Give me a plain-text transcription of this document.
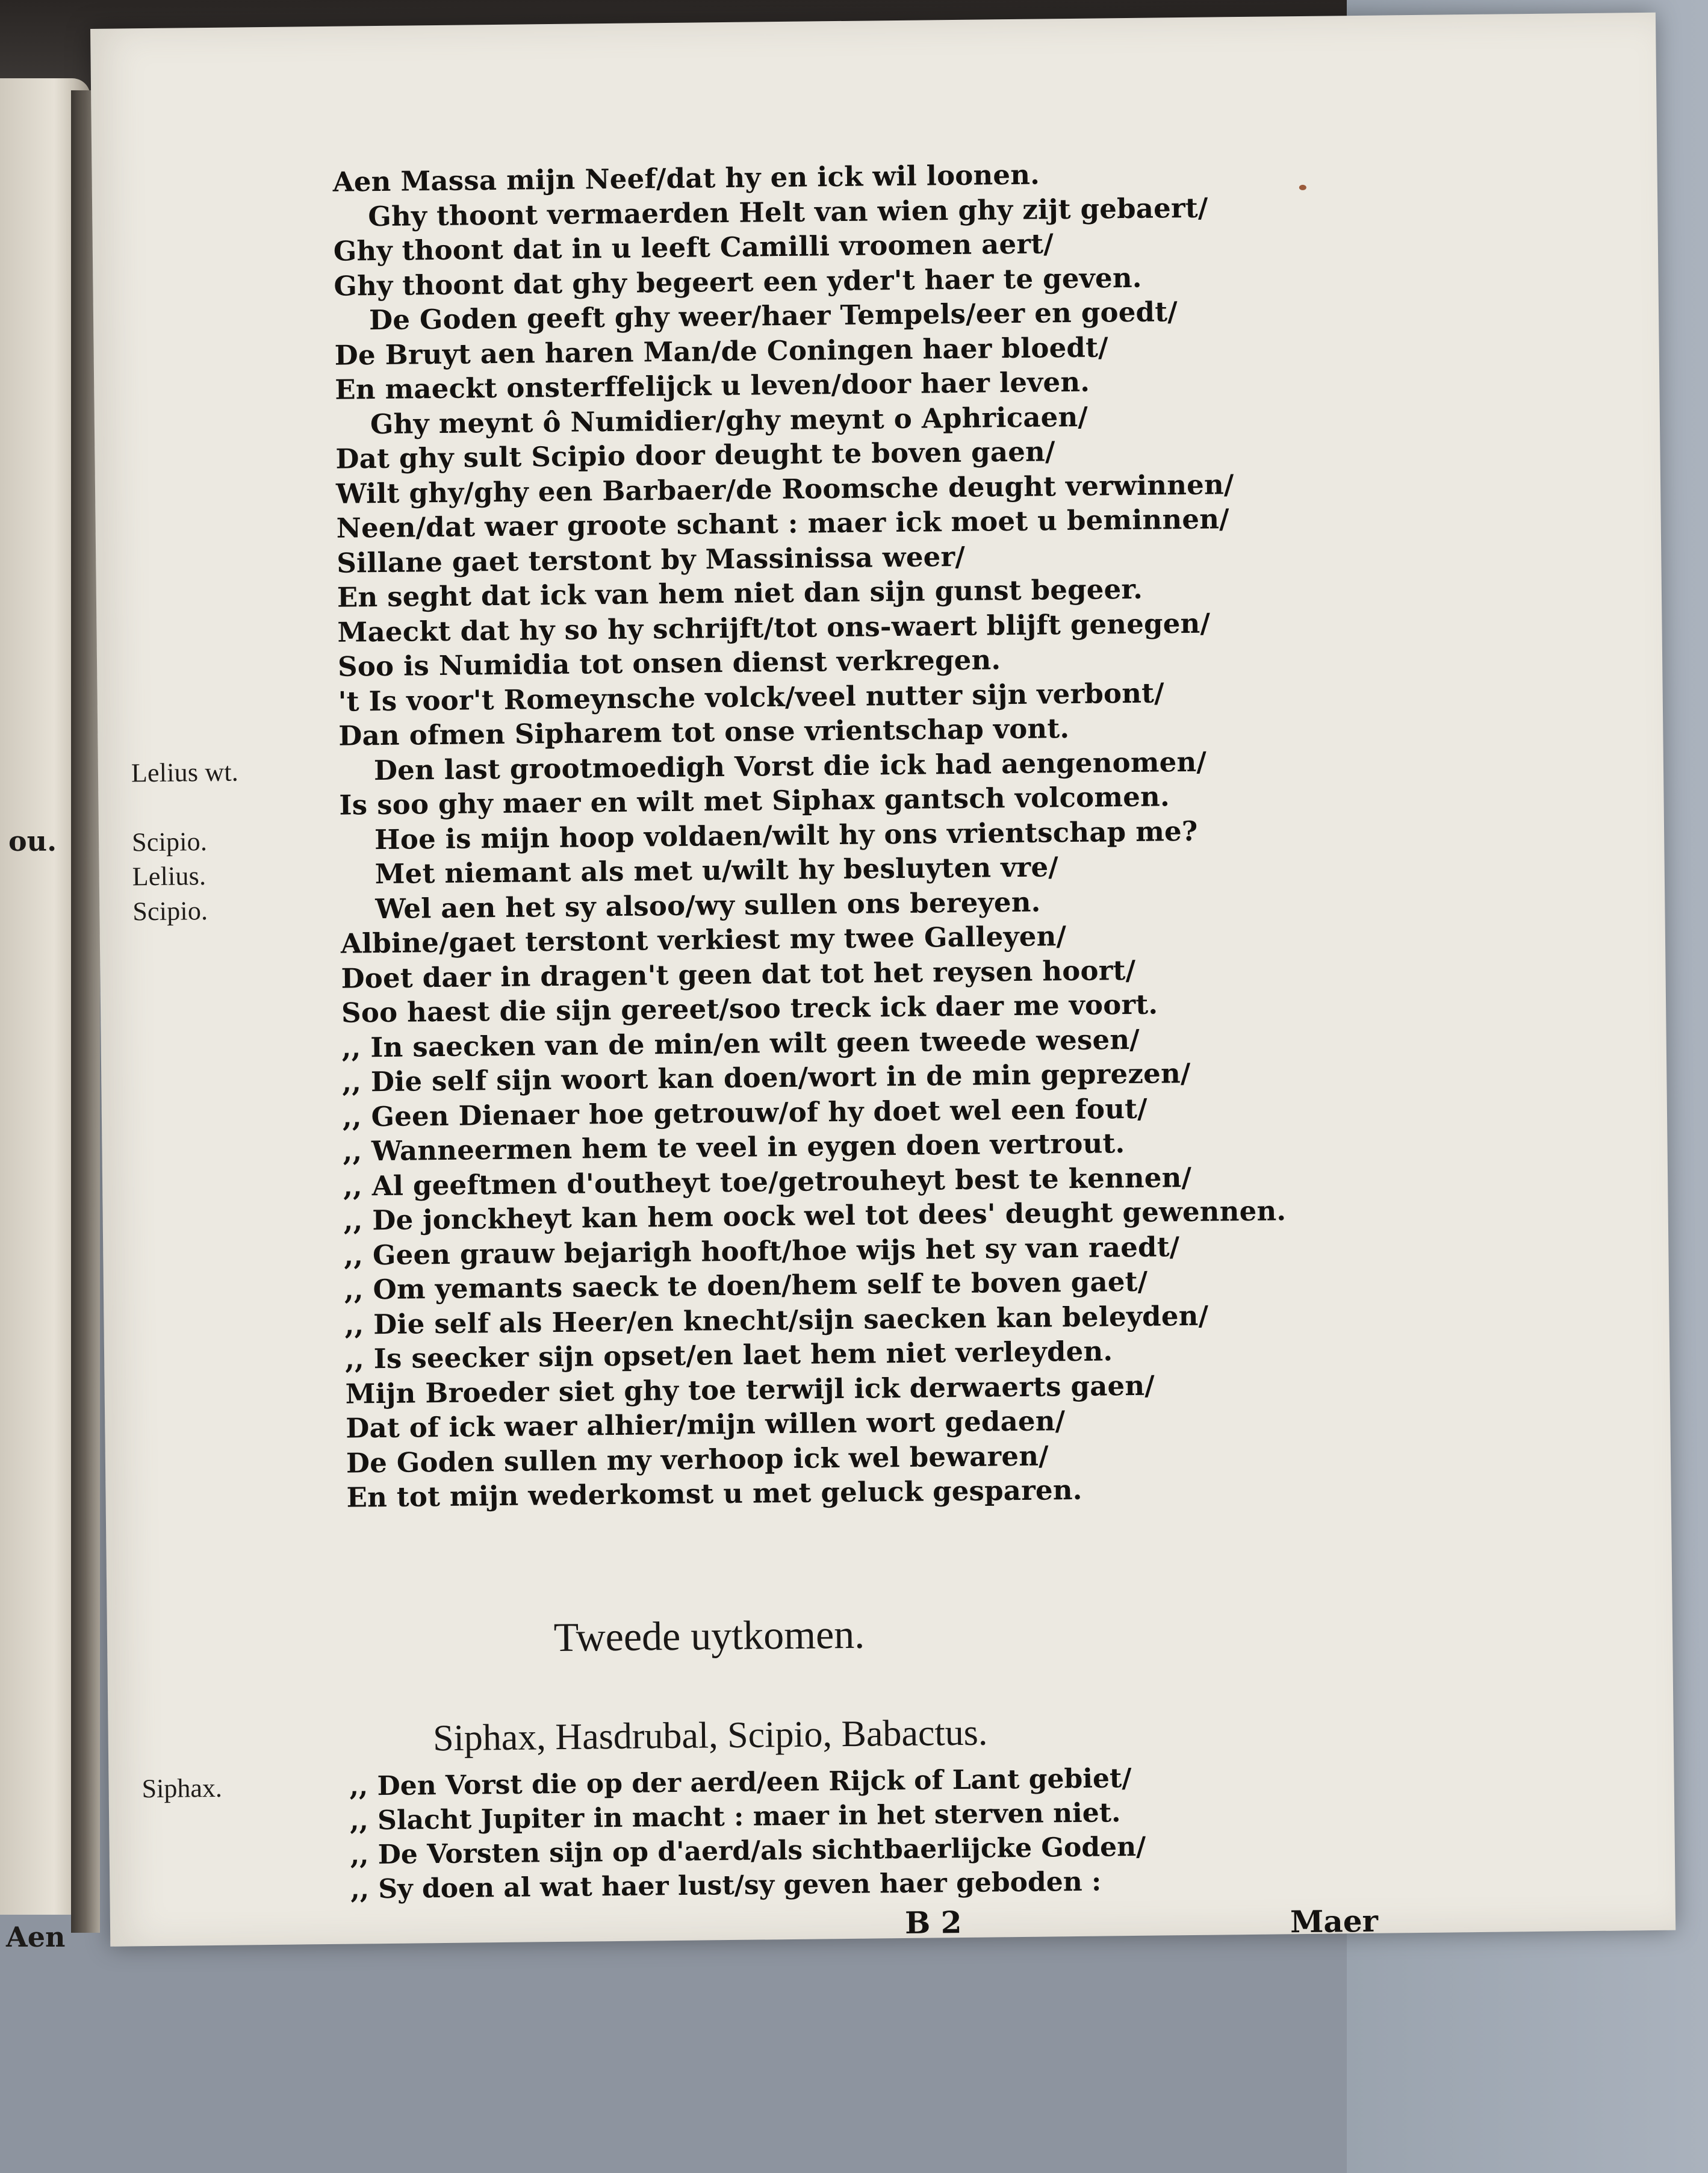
ou.
Aen
Aen Massa mijn Neef/dat hy en ick wil loonen.
Ghy thoont vermaerden Helt van wien ghy zijt gebaert/
Ghy thoont dat in u leeft Camilli vroomen aert/
Ghy thoont dat ghy begeert een yder't haer te geven.
De Goden geeft ghy weer/haer Tempels/eer en goedt/
De Bruyt aen haren Man/de Coningen haer bloedt/
En maeckt onsterffelijck u leven/door haer leven.
Ghy meynt ô Numidier/ghy meynt o Aphricaen/
Dat ghy sult Scipio door deught te boven gaen/
Wilt ghy/ghy een Barbaer/de Roomsche deught verwinnen/
Neen/dat waer groote schant : maer ick moet u beminnen/
Sillane gaet terstont by Massinissa weer/
En seght dat ick van hem niet dan sijn gunst begeer.
Maeckt dat hy so hy schrijft/tot ons-waert blijft genegen/
Soo is Numidia tot onsen dienst verkregen.
't Is voor't Romeynsche volck/veel nutter sijn verbont/
Dan ofmen Sipharem tot onse vrientschap vont.
Lelius wt.	Den last grootmoedigh Vorst die ick had aengenomen/
Is soo ghy maer en wilt met Siphax gantsch volcomen.
Scipio.	Hoe is mijn hoop voldaen/wilt hy ons vrientschap me?
Lelius.	Met niemant als met u/wilt hy besluyten vre/
Scipio.	Wel aen het sy alsoo/wy sullen ons bereyen.
Albine/gaet terstont verkiest my twee Galleyen/
Doet daer in dragen't geen dat tot het reysen hoort/
Soo haest die sijn gereet/soo treck ick daer me voort.
,, In saecken van de min/en wilt geen tweede wesen/
,, Die self sijn woort kan doen/wort in de min geprezen/
,, Geen Dienaer hoe getrouw/of hy doet wel een fout/
,, Wanneermen hem te veel in eygen doen vertrout.
,, Al geeftmen d'outheyt toe/getrouheyt best te kennen/
,, De jonckheyt kan hem oock wel tot dees' deught gewennen.
,, Geen grauw bejarigh hooft/hoe wijs het sy van raedt/
,, Om yemants saeck te doen/hem self te boven gaet/
,, Die self als Heer/en knecht/sijn saecken kan beleyden/
,, Is seecker sijn opset/en laet hem niet verleyden.
Mijn Broeder siet ghy toe terwijl ick derwaerts gaen/
Dat of ick waer alhier/mijn willen wort gedaen/
De Goden sullen my verhoop ick wel bewaren/
En tot mijn wederkomst u met geluck gesparen.
Tweede uytkomen.
Siphax, Hasdrubal, Scipio, Babactus.
Siphax.	,, Den Vorst die op der aerd/een Rijck of Lant gebiet/
,, Slacht Jupiter in macht : maer in het sterven niet.
,, De Vorsten sijn op d'aerd/als sichtbaerlijcke Goden/
,, Sy doen al wat haer lust/sy geven haer geboden :
B 2	Maer
